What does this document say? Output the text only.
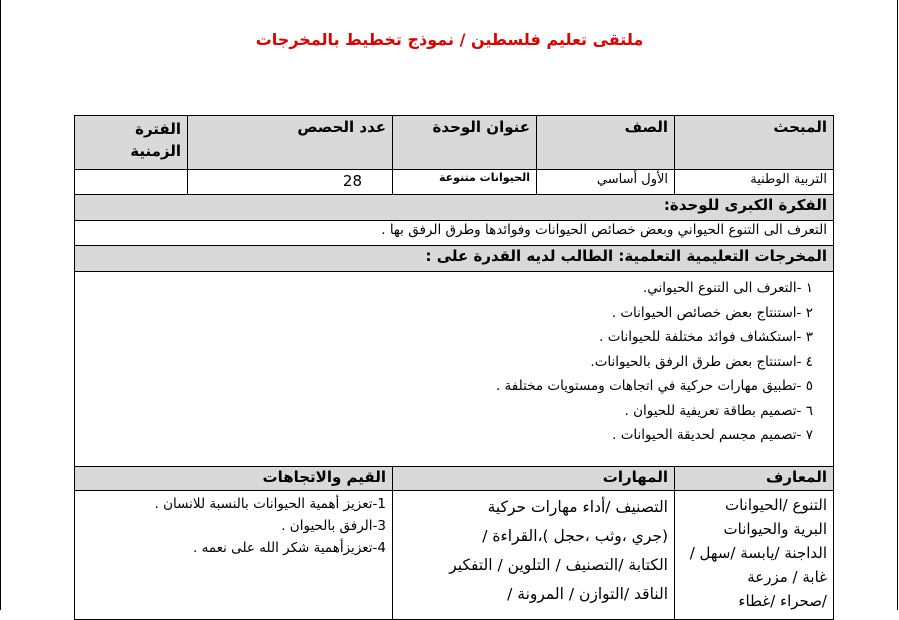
ملتقى تعليم فلسطين / نموذج تخطيط بالمخرجات
المبحث
الصف
عنوان الوحدة
عدد الحصص
الفترة الزمنية
التربية الوطنية
الأول أساسي
الحيوانات متنوعة
28
الفكرة الكبرى للوحدة:
التعرف الى التنوع الحيواني وبعض خصائص الحيوانات وفوائدها وطرق الرفق بها .
المخرجات التعليمية التعلمية: الطالب لديه القدرة على :
١ -التعرف الى التنوع الحيواني.
٢ -استنتاج بعض خصائص الحيوانات .
٣ -استكشاف فوائد مختلفة للحيوانات .
٤ -استنتاج بعض طرق الرفق بالحيوانات.
٥ -تطبيق مهارات حركية في اتجاهات ومستويات مختلفة .
٦ -تصميم بطاقة تعريفية للحيوان .
٧ -تصميم مجسم لحديقة الحيوانات .
المعارف
المهارات
القيم والاتجاهات
التنوع /الحيوانات
البرية والحيوانات
الداجنة /يابسة /سهل /
غابة / مزرعة
/صحراء /غطاء
التصنيف /أداء مهارات حركية
(جري ،وثب ،حجل )،القراءة /
الكتابة /التصنيف / التلوين / التفكير
الناقد /التوازن / المرونة /
1-تعزيز أهمية الحيوانات بالنسبة للانسان .
3-الرفق بالحيوان .
4-تعزيزأهمية شكر الله على نعمه .
